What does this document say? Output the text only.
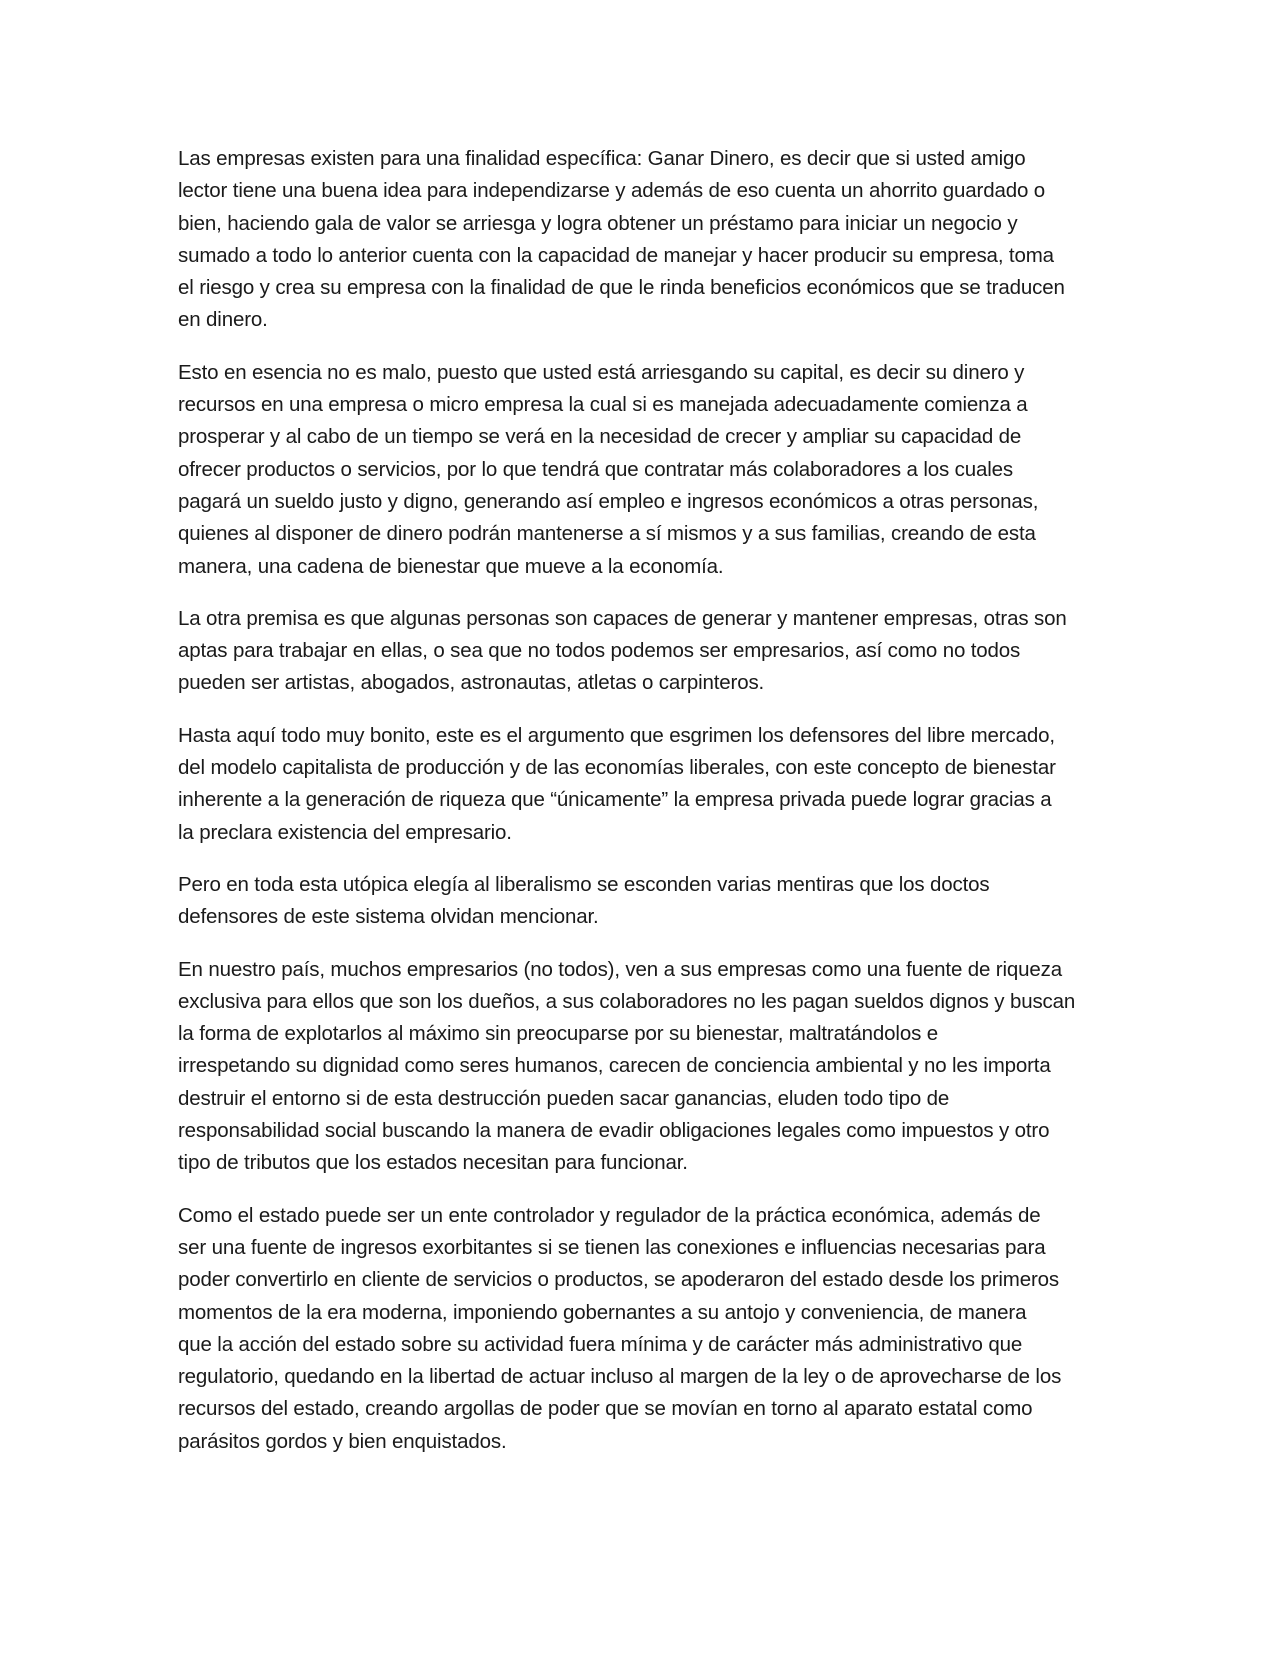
Las empresas existen para una finalidad específica: Ganar Dinero, es decir que si usted amigo
lector tiene una buena idea para independizarse y además de eso cuenta un ahorrito guardado o
bien, haciendo gala de valor se arriesga y logra obtener un préstamo para iniciar un negocio y
sumado a todo lo anterior cuenta con la capacidad de manejar y hacer producir su empresa, toma
el riesgo y crea su empresa con la finalidad de que le rinda beneficios económicos que se traducen
en dinero.

Esto en esencia no es malo, puesto que usted está arriesgando su capital, es decir su dinero y
recursos en una empresa o micro empresa la cual si es manejada adecuadamente comienza a
prosperar y al cabo de un tiempo se verá en la necesidad de crecer y ampliar su capacidad de
ofrecer productos o servicios, por lo que tendrá que contratar más colaboradores a los cuales
pagará un sueldo justo y digno, generando así empleo e ingresos económicos a otras personas,
quienes al disponer de dinero podrán mantenerse a sí mismos y a sus familias, creando de esta
manera, una cadena de bienestar que mueve a la economía.

La otra premisa es que algunas personas son capaces de generar y mantener empresas, otras son
aptas para trabajar en ellas, o sea que no todos podemos ser empresarios, así como no todos
pueden ser artistas, abogados, astronautas, atletas o carpinteros.

Hasta aquí todo muy bonito, este es el argumento que esgrimen los defensores del libre mercado,
del modelo capitalista de producción y de las economías liberales, con este concepto de bienestar
inherente a la generación de riqueza que “únicamente” la empresa privada puede lograr gracias a
la preclara existencia del empresario.

Pero en toda esta utópica elegía al liberalismo se esconden varias mentiras que los doctos
defensores de este sistema olvidan mencionar.

En nuestro país, muchos empresarios (no todos), ven a sus empresas como una fuente de riqueza
exclusiva para ellos que son los dueños, a sus colaboradores no les pagan sueldos dignos y buscan
la forma de explotarlos al máximo sin preocuparse por su bienestar, maltratándolos e
irrespetando su dignidad como seres humanos, carecen de conciencia ambiental y no les importa
destruir el entorno si de esta destrucción pueden sacar ganancias, eluden todo tipo de
responsabilidad social buscando la manera de evadir obligaciones legales como impuestos y otro
tipo de tributos que los estados necesitan para funcionar.

Como el estado puede ser un ente controlador y regulador de la práctica económica, además de
ser una fuente de ingresos exorbitantes si se tienen las conexiones e influencias necesarias para
poder convertirlo en cliente de servicios o productos, se apoderaron del estado desde los primeros
momentos de la era moderna, imponiendo gobernantes a su antojo y conveniencia, de manera
que la acción del estado sobre su actividad fuera mínima y de carácter más administrativo que
regulatorio, quedando en la libertad de actuar incluso al margen de la ley o de aprovecharse de los
recursos del estado, creando argollas de poder que se movían en torno al aparato estatal como
parásitos gordos y bien enquistados.
